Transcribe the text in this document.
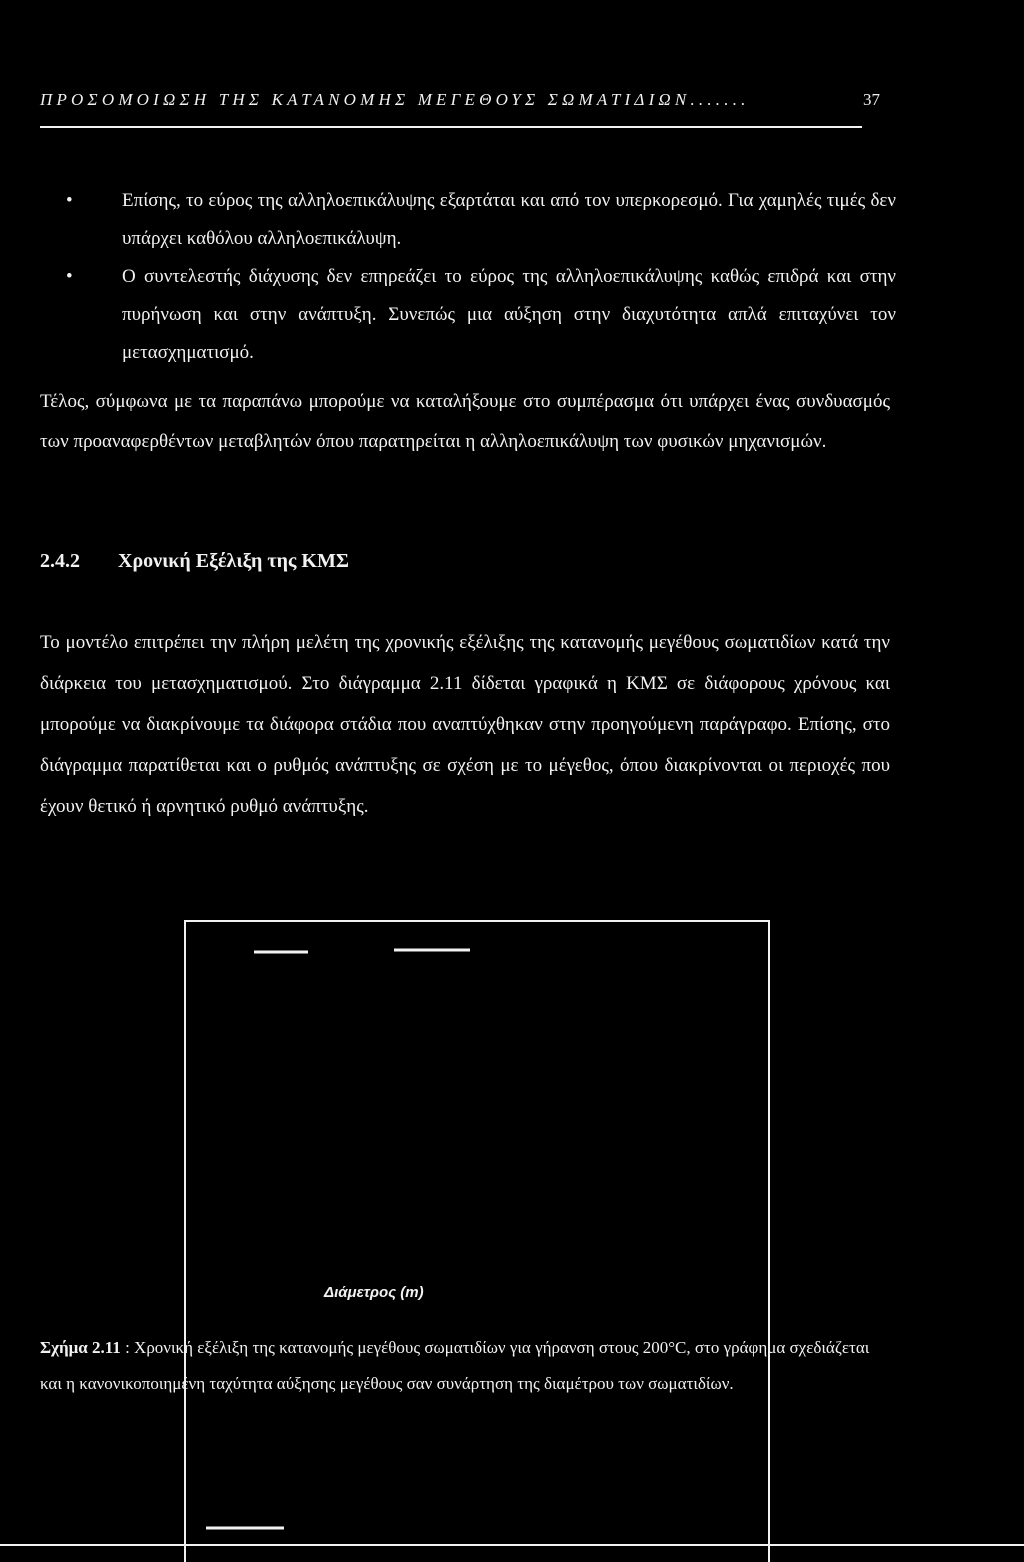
ΠΡΟΣΟΜΟΙΩΣΗ ΤΗΣ ΚΑΤΑΝΟΜΗΣ ΜΕΓΕΘΟΥΣ ΣΩΜΑΤΙΔΙΩΝ.......	37
• Επίσης, το εύρος της αλληλοεπικάλυψης εξαρτάται και από τον υπερκορεσμό. Για χαμηλές τιμές δεν υπάρχει καθόλου αλληλοεπικάλυψη.
• Ο συντελεστής διάχυσης δεν επηρεάζει το εύρος της αλληλοεπικάλυψης καθώς επιδρά και στην πυρήνωση και στην ανάπτυξη. Συνεπώς μια αύξηση στην διαχυτότητα απλά επιταχύνει τον μετασχηματισμό.

Τέλος, σύμφωνα με τα παραπάνω μπορούμε να καταλήξουμε στο συμπέρασμα ότι υπάρχει ένας συνδυασμός των προαναφερθέντων μεταβλητών όπου παρατηρείται η αλληλοεπικάλυψη των φυσικών μηχανισμών.

2.4.2 Χρονική Εξέλιξη της ΚΜΣ

Το μοντέλο επιτρέπει την πλήρη μελέτη της χρονικής εξέλιξης της κατανομής μεγέθους σωματιδίων κατά την διάρκεια του μετασχηματισμού. Στο διάγραμμα 2.11 δίδεται γραφικά η ΚΜΣ σε διάφορους χρόνους και μπορούμε να διακρίνουμε τα διάφορα στάδια που αναπτύχθηκαν στην προηγούμενη παράγραφο. Επίσης, στο διάγραμμα παρατίθεται και ο ρυθμός ανάπτυξης σε σχέση με το μέγεθος, όπου διακρίνονται οι περιοχές που έχουν θετικό ή αρνητικό ρυθμό ανάπτυξης.

Διάμετρος (m)

Σχήμα 2.11 : Χρονική εξέλιξη της κατανομής μεγέθους σωματιδίων για γήρανση στους 200°C, στο γράφημα σχεδιάζεται και η κανονικοποιημένη ταχύτητα αύξησης μεγέθους σαν συνάρτηση της διαμέτρου των σωματιδίων.
